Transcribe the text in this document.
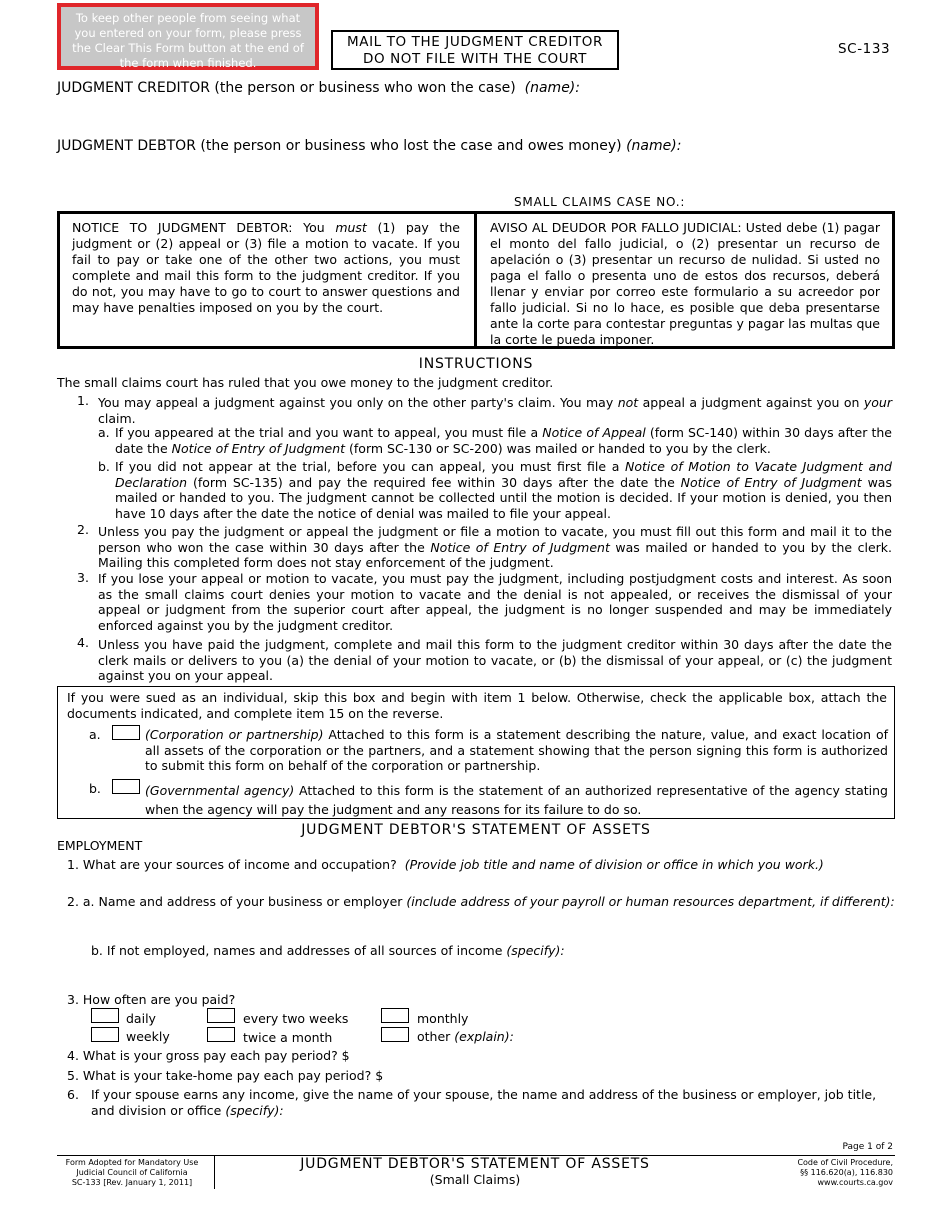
To keep other people from seeing what you entered on your form, please press the Clear This Form button at the end of the form when finished.
MAIL TO THE JUDGMENT CREDITOR
DO NOT FILE WITH THE COURT
SC-133
JUDGMENT CREDITOR (the person or business who won the case) (name):
JUDGMENT DEBTOR (the person or business who lost the case and owes money) (name):
SMALL CLAIMS CASE NO.:
NOTICE TO JUDGMENT DEBTOR: You must (1) pay the judgment or (2) appeal or (3) file a motion to vacate. If you fail to pay or take one of the other two actions, you must complete and mail this form to the judgment creditor. If you do not, you may have to go to court to answer questions and may have penalties imposed on you by the court.
AVISO AL DEUDOR POR FALLO JUDICIAL: Usted debe (1) pagar el monto del fallo judicial, o (2) presentar un recurso de apelación o (3) presentar un recurso de nulidad. Si usted no paga el fallo o presenta uno de estos dos recursos, deberá llenar y enviar por correo este formulario a su acreedor por fallo judicial. Si no lo hace, es posible que deba presentarse ante la corte para contestar preguntas y pagar las multas que la corte le pueda imponer.
INSTRUCTIONS
The small claims court has ruled that you owe money to the judgment creditor.
1. You may appeal a judgment against you only on the other party's claim. You may not appeal a judgment against you on your claim.
a. If you appeared at the trial and you want to appeal, you must file a Notice of Appeal (form SC-140) within 30 days after the date the Notice of Entry of Judgment (form SC-130 or SC-200) was mailed or handed to you by the clerk.
b. If you did not appear at the trial, before you can appeal, you must first file a Notice of Motion to Vacate Judgment and Declaration (form SC-135) and pay the required fee within 30 days after the date the Notice of Entry of Judgment was mailed or handed to you. The judgment cannot be collected until the motion is decided. If your motion is denied, you then have 10 days after the date the notice of denial was mailed to file your appeal.
2. Unless you pay the judgment or appeal the judgment or file a motion to vacate, you must fill out this form and mail it to the person who won the case within 30 days after the Notice of Entry of Judgment was mailed or handed to you by the clerk. Mailing this completed form does not stay enforcement of the judgment.
3. If you lose your appeal or motion to vacate, you must pay the judgment, including postjudgment costs and interest. As soon as the small claims court denies your motion to vacate and the denial is not appealed, or receives the dismissal of your appeal or judgment from the superior court after appeal, the judgment is no longer suspended and may be immediately enforced against you by the judgment creditor.
4. Unless you have paid the judgment, complete and mail this form to the judgment creditor within 30 days after the date the clerk mails or delivers to you (a) the denial of your motion to vacate, or (b) the dismissal of your appeal, or (c) the judgment against you on your appeal.
If you were sued as an individual, skip this box and begin with item 1 below. Otherwise, check the applicable box, attach the documents indicated, and complete item 15 on the reverse.
a.	(Corporation or partnership) Attached to this form is a statement describing the nature, value, and exact location of all assets of the corporation or the partners, and a statement showing that the person signing this form is authorized to submit this form on behalf of the corporation or partnership.
b.	(Governmental agency) Attached to this form is the statement of an authorized representative of the agency stating when the agency will pay the judgment and any reasons for its failure to do so.
JUDGMENT DEBTOR'S STATEMENT OF ASSETS
EMPLOYMENT
1. What are your sources of income and occupation? (Provide job title and name of division or office in which you work.)
2. a. Name and address of your business or employer (include address of your payroll or human resources department, if different):
b. If not employed, names and addresses of all sources of income (specify):
3. How often are you paid?
daily
weekly
every two weeks
twice a month
monthly
other (explain):
4. What is your gross pay each pay period? $
5. What is your take-home pay each pay period? $
6. If your spouse earns any income, give the name of your spouse, the name and address of the business or employer, job title, and division or office (specify):
Page 1 of 2
Form Adopted for Mandatory Use
Judicial Council of California
SC-133 [Rev. January 1, 2011]
JUDGMENT DEBTOR'S STATEMENT OF ASSETS
(Small Claims)
Code of Civil Procedure,
§§ 116.620(a), 116.830
www.courts.ca.gov
